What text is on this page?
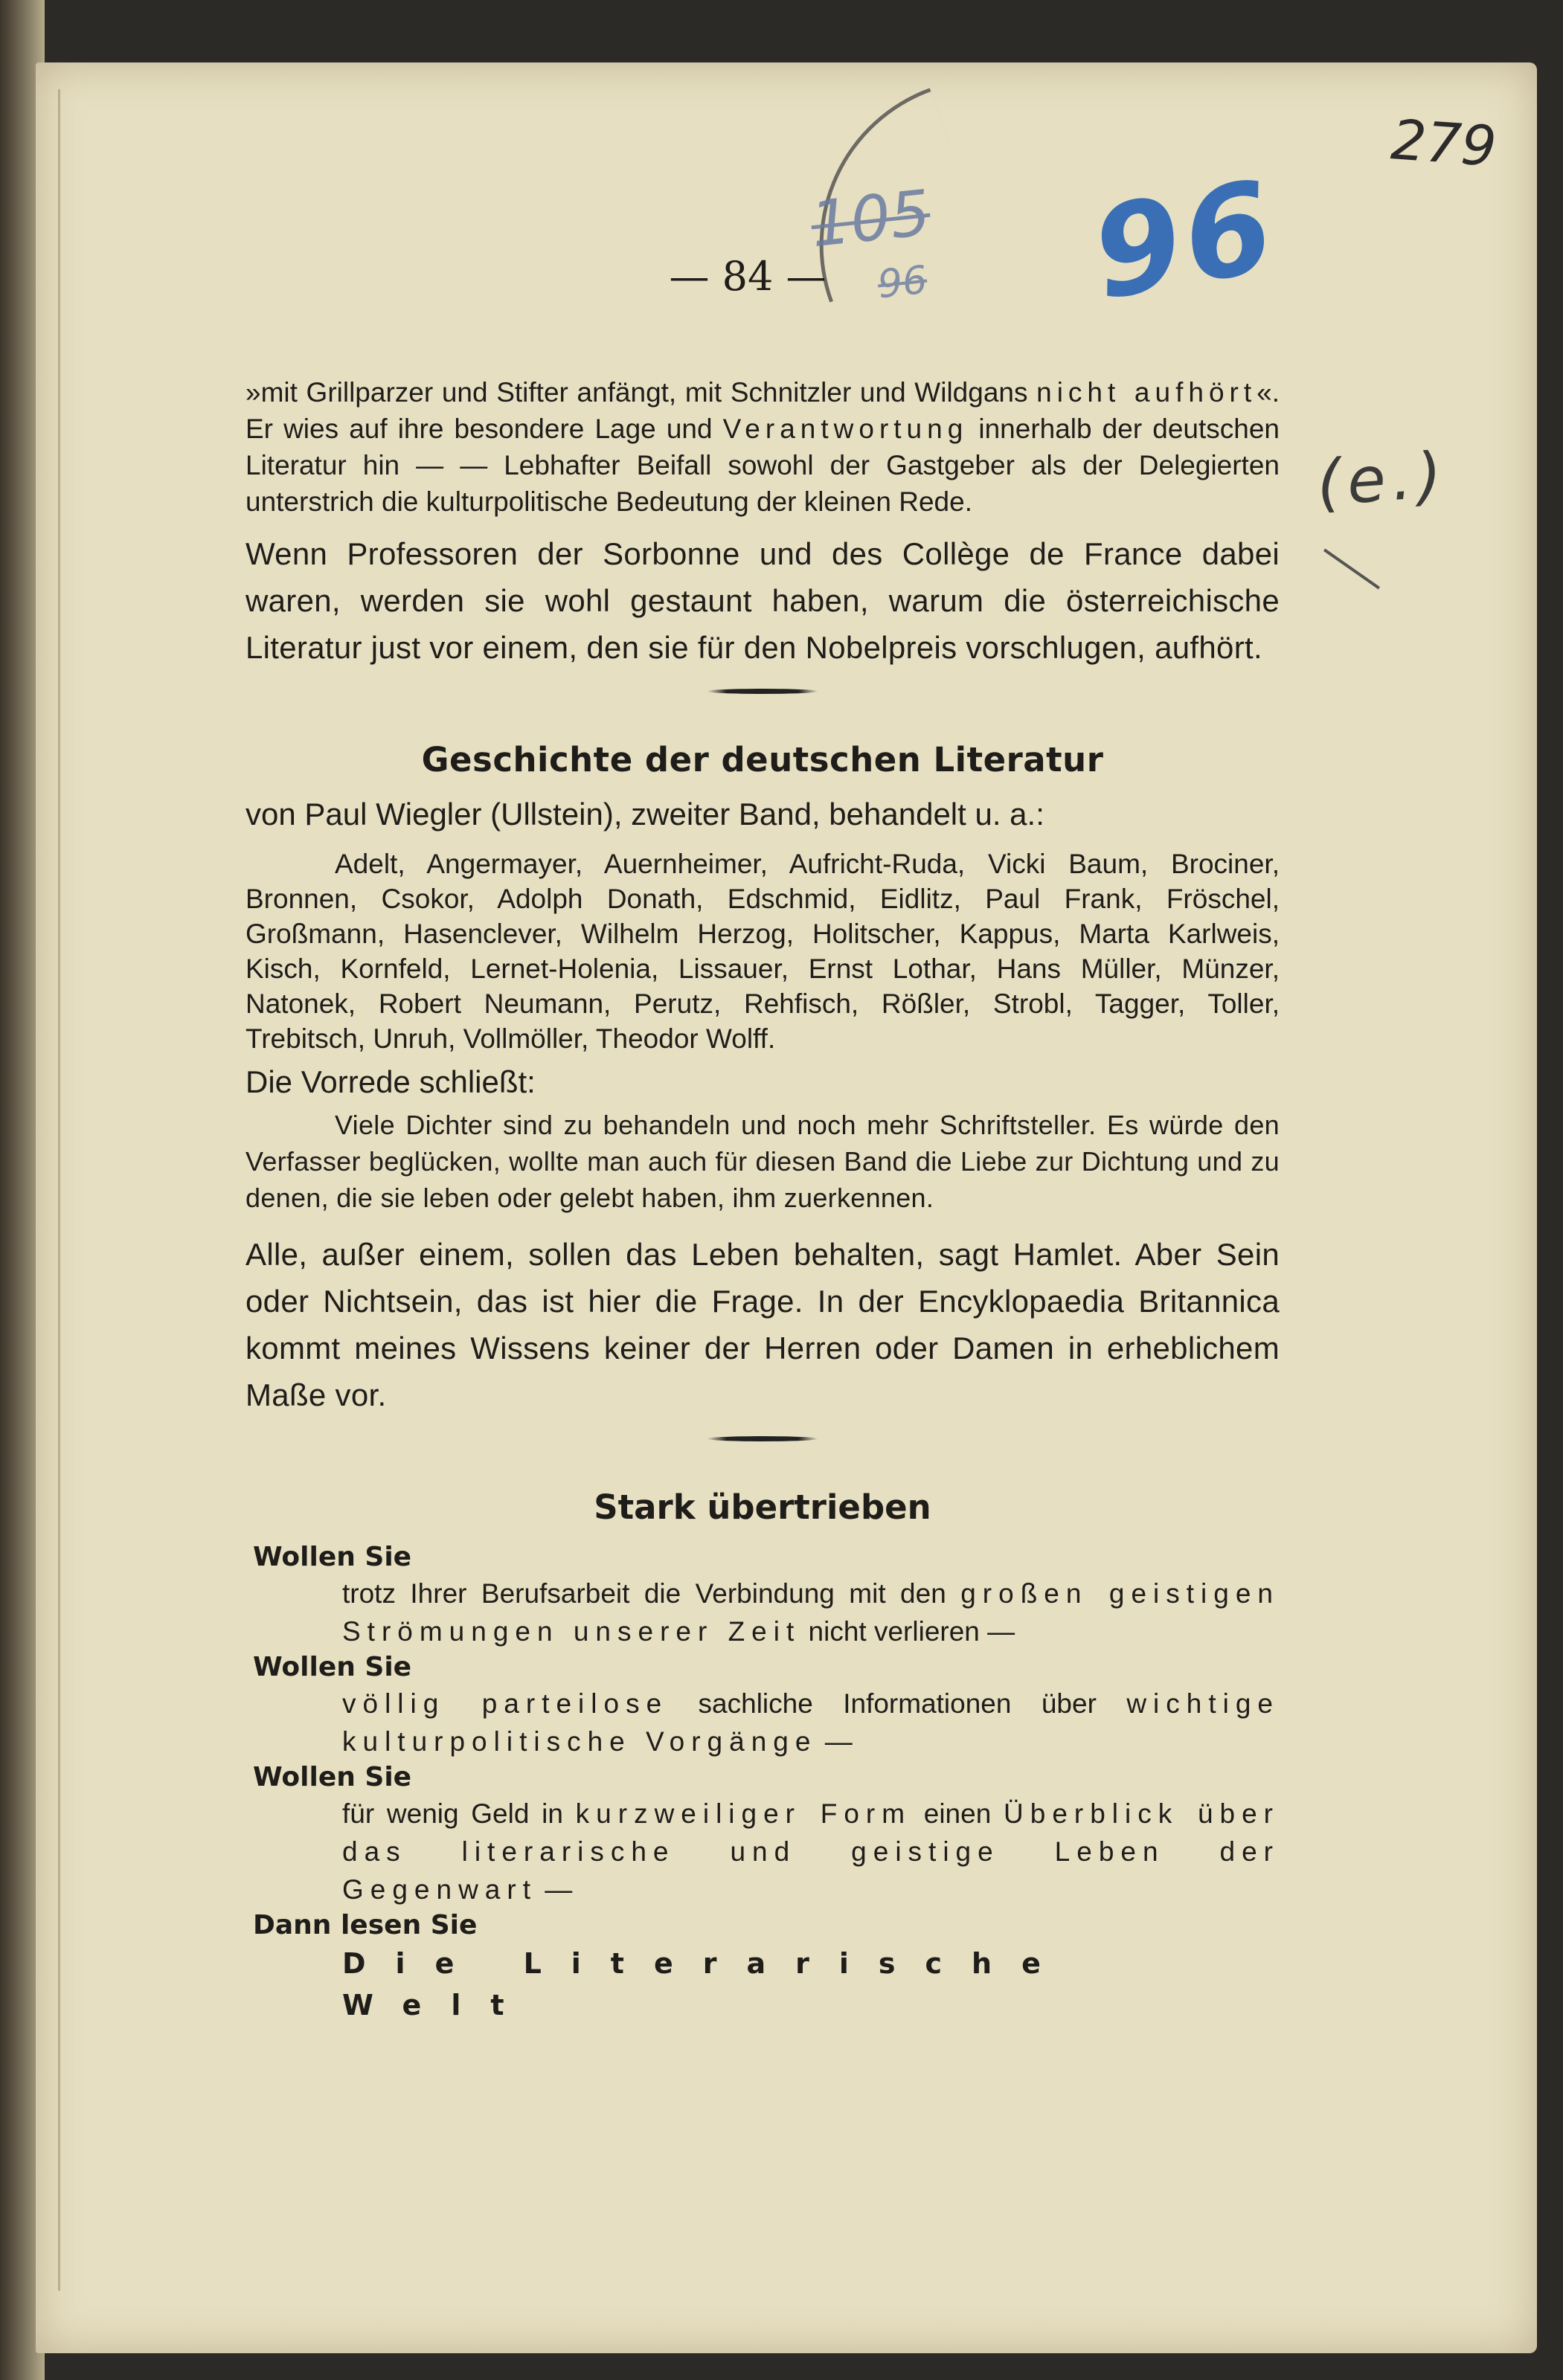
279
105
96 96
(e.)
— 84 —

»mit Grillparzer und Stifter anfängt, mit Schnitzler und Wildgans nicht aufhört«. Er wies auf ihre besondere Lage und Verantwortung innerhalb der deutschen Literatur hin — — Lebhafter Beifall sowohl der Gastgeber als der Delegierten unterstrich die kulturpolitische Bedeutung der kleinen Rede.

Wenn Professoren der Sorbonne und des Collège de France dabei waren, werden sie wohl gestaunt haben, warum die österreichische Literatur just vor einem, den sie für den Nobelpreis vorschlugen, aufhört.

Geschichte der deutschen Literatur

von Paul Wiegler (Ullstein), zweiter Band, behandelt u. a.:

Adelt, Angermayer, Auernheimer, Aufricht-Ruda, Vicki Baum, Brociner, Bronnen, Csokor, Adolph Donath, Edschmid, Eidlitz, Paul Frank, Fröschel, Großmann, Hasenclever, Wilhelm Herzog, Holitscher, Kappus, Marta Karlweis, Kisch, Kornfeld, Lernet-Holenia, Lissauer, Ernst Lothar, Hans Müller, Münzer, Natonek, Robert Neumann, Perutz, Rehfisch, Rößler, Strobl, Tagger, Toller, Trebitsch, Unruh, Vollmöller, Theodor Wolff.

Die Vorrede schließt:

Viele Dichter sind zu behandeln und noch mehr Schriftsteller. Es würde den Verfasser beglücken, wollte man auch für diesen Band die Liebe zur Dichtung und zu denen, die sie leben oder gelebt haben, ihm zuerkennen.

Alle, außer einem, sollen das Leben behalten, sagt Hamlet. Aber Sein oder Nichtsein, das ist hier die Frage. In der Encyklopaedia Britannica kommt meines Wissens keiner der Herren oder Damen in erheblichem Maße vor.

Stark übertrieben
Wollen Sie

trotz Ihrer Berufsarbeit die Verbindung mit den großen geistigen Strömungen unserer Zeit nicht verlieren —

Wollen Sie

völlig parteilose sachliche Informationen über wichtige kulturpolitische Vorgänge —

Wollen Sie

für wenig Geld in kurzweiliger Form einen Überblick über das literarische und geistige Leben der Gegenwart —

Dann lesen Sie
Die Literarische Welt
